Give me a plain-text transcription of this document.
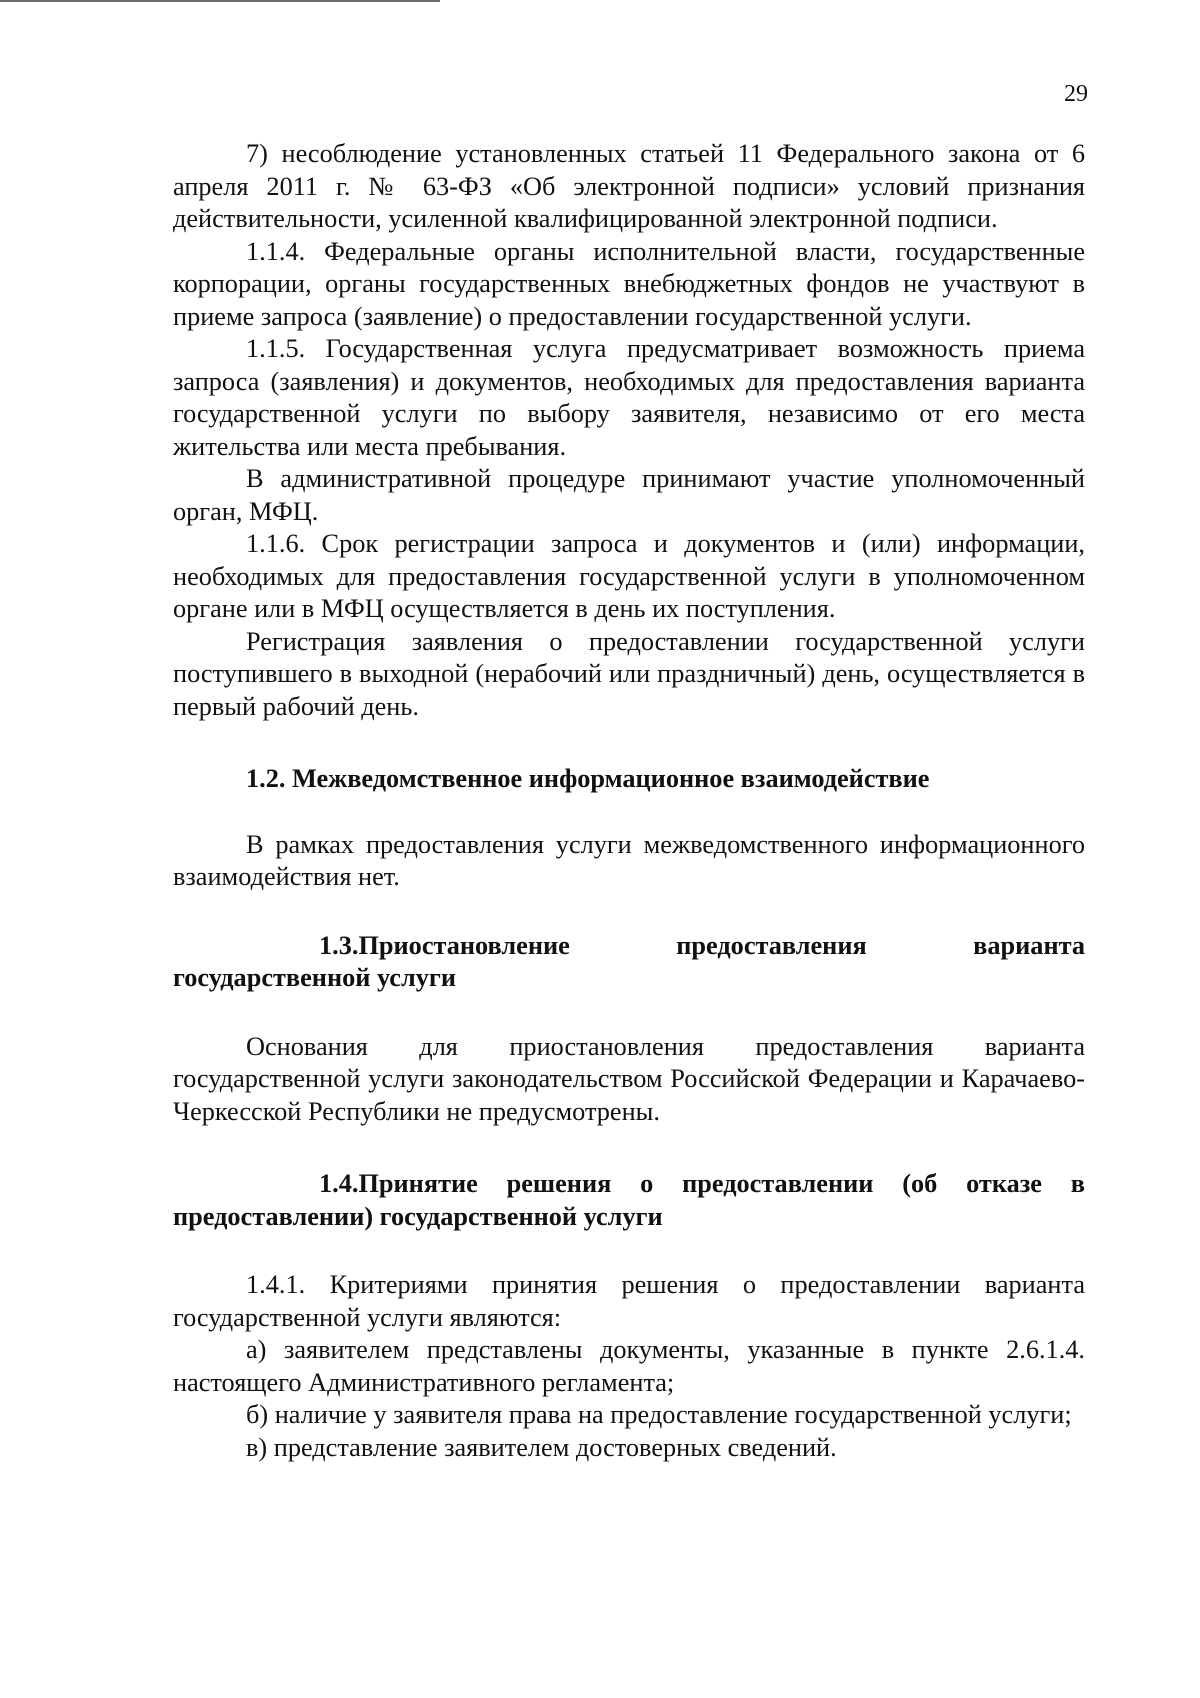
29

7) несоблюдение установленных статьей 11 Федерального закона от 6 апреля 2011 г. № 63-ФЗ «Об электронной подписи» условий признания действительности, усиленной квалифицированной электронной подписи.

1.1.4. Федеральные органы исполнительной власти, государственные корпорации, органы государственных внебюджетных фондов не участвуют в приеме запроса (заявление) о предоставлении государственной услуги.

1.1.5. Государственная услуга предусматривает возможность приема запроса (заявления) и документов, необходимых для предоставления варианта государственной услуги по выбору заявителя, независимо от его места жительства или места пребывания.

В административной процедуре принимают участие уполномоченный орган, МФЦ.

1.1.6. Срок регистрации запроса и документов и (или) информации, необходимых для предоставления государственной услуги в уполномоченном органе или в МФЦ осуществляется в день их поступления.

Регистрация заявления о предоставлении государственной услуги поступившего в выходной (нерабочий или праздничный) день, осуществляется в первый рабочий день.

1.2. Межведомственное информационное взаимодействие

В рамках предоставления услуги межведомственного информационного взаимодействия нет.

1.3.Приостановление предоставления варианта государственной услуги

Основания для приостановления предоставления варианта государственной услуги законодательством Российской Федерации и Карачаево-Черкесской Республики не предусмотрены.

1.4.Принятие решения о предоставлении (об отказе в предоставлении) государственной услуги

1.4.1. Критериями принятия решения о предоставлении варианта государственной услуги являются:

а) заявителем представлены документы, указанные в пункте 2.6.1.4. настоящего Административного регламента;

б) наличие у заявителя права на предоставление государственной услуги;

в) представление заявителем достоверных сведений.
